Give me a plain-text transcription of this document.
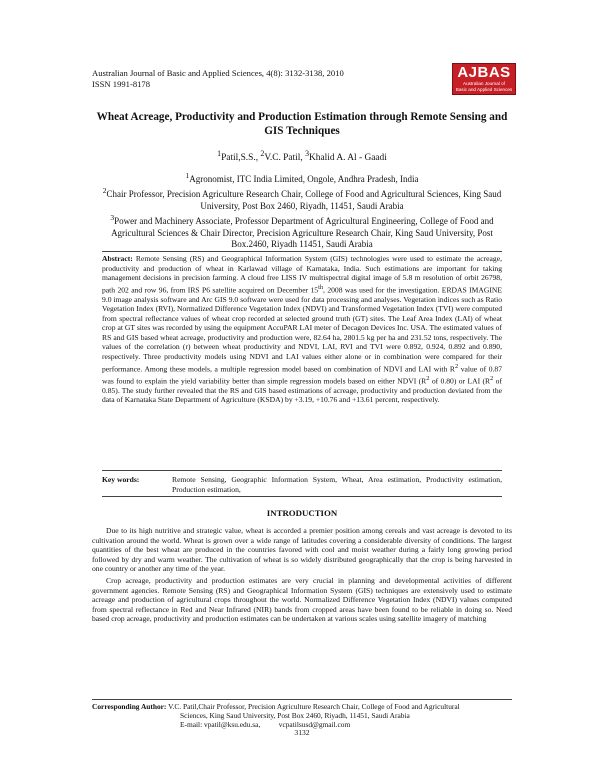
Australian Journal of Basic and Applied Sciences, 4(8): 3132-3138, 2010
ISSN 1991-8178
AJBAS
Australian Journal of
Basic and Applied Sciences
Wheat Acreage, Productivity and Production Estimation through Remote Sensing and GIS Techniques
$^1$Patil,S.S., $^2$V.C. Patil, $^3$Khalid A. Al - Gaadi
$^1$Agronomist, ITC India Limited, Ongole, Andhra Pradesh, India
$^2$Chair Professor, Precision Agriculture Research Chair, College of Food and Agricultural Sciences, King Saud University, Post Box 2460, Riyadh, 11451, Saudi Arabia
$^3$Power and Machinery Associate, Professor Department of Agricultural Engineering, College of Food and Agricultural Sciences & Chair Director, Precision Agriculture Research Chair, King Saud University, Post Box.2460, Riyadh 11451, Saudi Arabia
Abstract: Remote Sensing (RS) and Geographical Information System (GIS) technologies were used to estimate the acreage, productivity and production of wheat in Karlawad village of Karnataka, India. Such estimations are important for taking management decisions in precision farming. A cloud free LISS IV multispectral digital image of 5.8 m resolution of orbit 26798, path 202 and row 96, from IRS P6 satellite acquired on December 15th, 2008 was used for the investigation. ERDAS IMAGINE 9.0 image analysis software and Arc GIS 9.0 software were used for data processing and analyses. Vegetation indices such as Ratio Vegetation Index (RVI), Normalized Difference Vegetation Index (NDVI) and Transformed Vegetation Index (TVI) were computed from spectral reflectance values of wheat crop recorded at selected ground truth (GT) sites. The Leaf Area Index (LAI) of wheat crop at GT sites was recorded by using the equipment AccuPAR LAI meter of Decagon Devices Inc. USA. The estimated values of RS and GIS based wheat acreage, productivity and production were, 82.64 ha, 2801.5 kg per ha and 231.52 tons, respectively. The values of the correlation (r) between wheat productivity and NDVI, LAI, RVI and TVI were 0.892, 0.924, 0.892 and 0.890, respectively. Three productivity models using NDVI and LAI values either alone or in combination were compared for their performance. Among these models, a multiple regression model based on combination of NDVI and LAI with $R^2$ value of 0.87 was found to explain the yield variability better than simple regression models based on either NDVI ($R^2$ of 0.80) or LAI ($R^2$ of 0.85). The study further revealed that the RS and GIS based estimations of acreage, productivity and production deviated from the data of Karnataka State Department of Agriculture (KSDA) by +3.19, +10.76 and +13.61 percent, respectively.
Key words:	Remote Sensing, Geographic Information System, Wheat, Area estimation, Productivity estimation, Production estimation,
INTRODUCTION

Due to its high nutritive and strategic value, wheat is accorded a premier position among cereals and vast acreage is devoted to its cultivation around the world. Wheat is grown over a wide range of latitudes covering a considerable diversity of conditions. The largest quantities of the best wheat are produced in the countries favored with cool and moist weather during a fairly long growing period followed by dry and warm weather. The cultivation of wheat is so widely distributed geographically that the crop is being harvested in one country or another any time of the year.

Crop acreage, productivity and production estimates are very crucial in planning and developmental activities of different government agencies. Remote Sensing (RS) and Geographical Information System (GIS) techniques are extensively used to estimate acreage and production of agricultural crops throughout the world. Normalized Difference Vegetation Index (NDVI) values computed from spectral reflectance in Red and Near Infrared (NIR) bands from cropped areas have been found to be reliable in doing so. Need based crop acreage, productivity and production estimates can be undertaken at various scales using satellite imagery of matching

Corresponding Author: V.C. Patil,Chair Professor, Precision Agriculture Research Chair, College of Food and Agricultural
Sciences, King Saud University, Post Box 2460, Riyadh, 11451, Saudi Arabia
E-mail: vpatil@ksu.edu.sa,          vcpatilsusd@gmail.com
3132
